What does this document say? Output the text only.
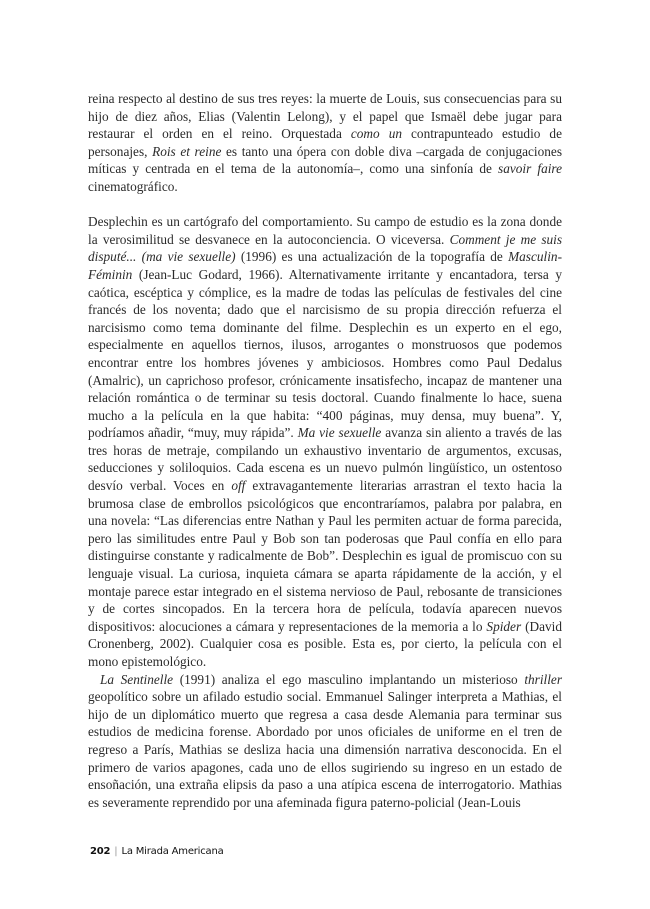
reina respecto al destino de sus tres reyes: la muerte de Louis, sus consecuencias para su hijo de diez años, Elias (Valentin Lelong), y el papel que Ismaël debe jugar para restaurar el orden en el reino. Orquestada como un contrapunteado estudio de personajes, Rois et reine es tanto una ópera con doble diva –cargada de conjugaciones míticas y centrada en el tema de la autonomía–, como una sinfonía de savoir faire cinematográfico.

Desplechin es un cartógrafo del comportamiento. Su campo de estudio es la zona donde la verosimilitud se desvanece en la autoconciencia. O viceversa. Comment je me suis disputé... (ma vie sexuelle) (1996) es una actualización de la topografía de Masculin-Féminin (Jean-Luc Godard, 1966). Alternativamente irritante y encantadora, tersa y caótica, escéptica y cómplice, es la madre de todas las películas de festivales del cine francés de los noventa; dado que el narcisismo de su propia dirección refuerza el narcisismo como tema dominante del filme. Desplechin es un experto en el ego, especialmente en aquellos tiernos, ilusos, arrogantes o monstruosos que podemos encontrar entre los hombres jóvenes y ambiciosos. Hombres como Paul Dedalus (Amalric), un caprichoso profesor, crónicamente insatisfecho, incapaz de mantener una relación romántica o de terminar su tesis doctoral. Cuando finalmente lo hace, suena mucho a la película en la que habita: “400 páginas, muy densa, muy buena”. Y, podríamos añadir, “muy, muy rápida”. Ma vie sexuelle avanza sin aliento a través de las tres horas de metraje, compilando un exhaustivo inventario de argumentos, excusas, seducciones y soliloquios. Cada escena es un nuevo pulmón lingüístico, un ostentoso desvío verbal. Voces en off extravagantemente literarias arrastran el texto hacia la brumosa clase de embrollos psicológicos que encontraríamos, palabra por palabra, en una novela: “Las diferencias entre Nathan y Paul les permiten actuar de forma parecida, pero las similitudes entre Paul y Bob son tan poderosas que Paul confía en ello para distinguirse constante y radicalmente de Bob”. Desplechin es igual de promiscuo con su lenguaje visual. La curiosa, inquieta cámara se aparta rápidamente de la acción, y el montaje parece estar integrado en el sistema nervioso de Paul, rebosante de transiciones y de cortes sincopados. En la tercera hora de película, todavía aparecen nuevos dispositivos: alocuciones a cámara y representaciones de la memoria a lo Spider (David Cronenberg, 2002). Cualquier cosa es posible. Esta es, por cierto, la película con el mono epistemológico.

La Sentinelle (1991) analiza el ego masculino implantando un misterioso thriller geopolítico sobre un afilado estudio social. Emmanuel Salinger interpreta a Mathias, el hijo de un diplomático muerto que regresa a casa desde Alemania para terminar sus estudios de medicina forense. Abordado por unos oficiales de uniforme en el tren de regreso a París, Mathias se desliza hacia una dimensión narrativa desconocida. En el primero de varios apagones, cada uno de ellos sugiriendo su ingreso en un estado de ensoñación, una extraña elipsis da paso a una atípica escena de interrogatorio. Mathias es severamente reprendido por una afeminada figura paterno-policial (Jean-Louis

202 | La Mirada Americana
